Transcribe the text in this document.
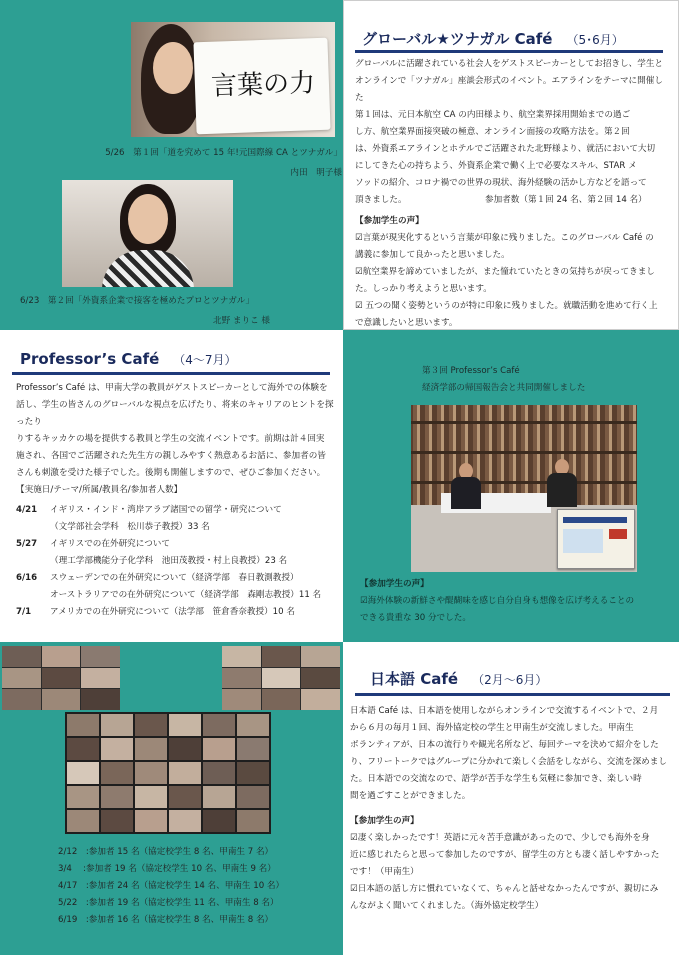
言葉の力
5/26　第１回「道を究めて 15 年!元国際線 CA とツナガル」
内田　明子様
6/23　第２回「外資系企業で接客を極めたプロとツナガル」
北野 まりこ 様
グローバル★ツナガル Café （5･6月）
グローバルに活躍されている社会人をゲストスピーカーとしてお招きし、学生と
オンラインで「ツナガル」座談会形式のイベント。エアラインをテーマに開催した
第１回は、元日本航空 CA の内田様より、航空業界採用開始までの過ご
し方、航空業界面接突破の極意、オンライン面接の攻略方法を。第２回
は、外資系エアラインとホテルでご活躍された北野様より、就活において大切
にしてきた心の持ちよう、外資系企業で働く上で必要なスキル、STAR メ
ソッドの紹介、コロナ禍での世界の現状、海外経験の活かし方などを語って
頂きました。	参加者数（第１回 24 名、第２回 14 名）
【参加学生の声】
☑言葉が現実化するという言葉が印象に残りました。このグローバル Café の
講義に参加して良かったと思いました。
☑航空業界を諦めていましたが、また憧れていたときの気持ちが戻ってきまし
た。しっかり考えようと思います。
☑ 五つの聞く姿勢というのが特に印象に残りました。就職活動を進めて行く上
で意識したいと思います。
Professor’s Café （4～7月）
Professor’s Café は、甲南大学の教員がゲストスピーカーとして海外での体験を
話し、学生の皆さんのグローバルな視点を広げたり、将来のキャリアのヒントを探ったり
りするキッカケの場を提供する教員と学生の交流イベントです。前期は計４回実
施され、各国でご活躍された先生方の親しみやすく熱意あるお話に、参加者の皆
さんも刺激を受けた様子でした。後期も開催しますので、ぜひご参加ください。
【実施日/テーマ/所属/教員名/参加者人数】
4/21 イギリス・インド・湾岸アラブ諸国での留学・研究について
（文学部社会学科　松川恭子教授）33 名
5/27 イギリスでの在外研究について
（理工学部機能分子化学科　池田茂教授・村上良教授）23 名
6/16 スウェーデンでの在外研究について（経済学部　春日教測教授）
オーストラリアでの在外研究について（経済学部　森剛志教授）11 名
7/1 アメリカでの在外研究について（法学部　笹倉香奈教授）10 名
第３回 Professor’s Café
経済学部の帰国報告会と共同開催しました
【参加学生の声】
☑海外体験の新鮮さや醍醐味を感じ自分自身も想像を広げ考えることの
できる貴重な 30 分でした。
2/12　:参加者 15 名（協定校学生 8 名、甲南生 7 名）
3/4　 :参加者 19 名（協定校学生 10 名、甲南生 9 名）
4/17　:参加者 24 名（協定校学生 14 名、甲南生 10 名）
5/22　:参加者 19 名（協定校学生 11 名、甲南生 8 名）
6/19　:参加者 16 名（協定校学生 8 名、甲南生 8 名）
日本語 Café （2月～6月）
日本語 Café は、日本語を使用しながらオンラインで交流するイベントで、２月
から６月の毎月１回、海外協定校の学生と甲南生が交流しました。甲南生
ボランティアが、日本の流行りや観光名所など、毎回テーマを決めて紹介をした
り、フリートークではグループに分かれて楽しく会話をしながら、交流を深めまし
た。日本語での交流なので、語学が苦手な学生も気軽に参加でき、楽しい時
間を過ごすことができました。
【参加学生の声】
☑凄く楽しかったです！英語に元々苦手意識があったので、少しでも海外を身
近に感じれたらと思って参加したのですが、留学生の方とも凄く話しやすかった
です！（甲南生）
☑日本語の話し方に慣れていなくて、ちゃんと話せなかったんですが、親切にみ
んながよく聞いてくれました。（海外協定校学生）
